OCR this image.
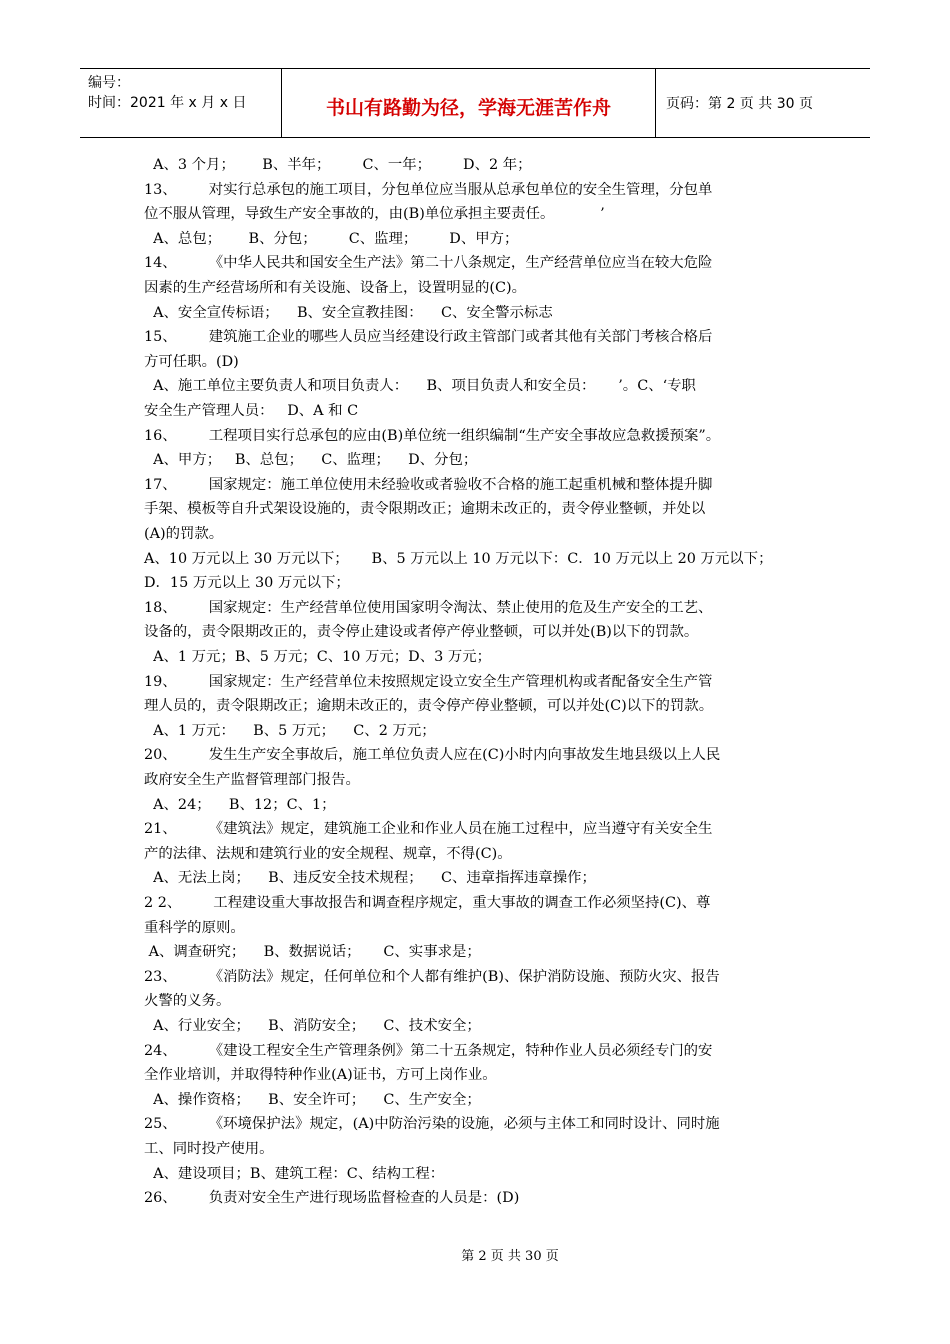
编号：
时间：2021 年 x 月 x 日	书山有路勤为径，学海无涯苦作舟	页码：第 2 页 共 30 页
A、3 个月；      B、半年；       C、一年；       D、2 年；
13、       对实行总承包的施工项目，分包单位应当服从总承包单位的安全生管理，分包单
位不服从管理，导致生产安全事故的，由(B)单位承担主要责任。          ’
A、总包；      B、分包；       C、监理；       D、甲方；
14、       《中华人民共和国安全生产法》第二十八条规定，生产经营单位应当在较大危险
因素的生产经营场所和有关设施、设备上，设置明显的(C)。
A、安全宣传标语；    B、安全宣教挂图：    C、安全警示标志
15、       建筑施工企业的哪些人员应当经建设行政主管部门或者其他有关部门考核合格后
方可任职。(D)
A、施工单位主要负责人和项目负责人：    B、项目负责人和安全员：     ’。C、‘专职
安全生产管理人员：   D、A 和 C
16、       工程项目实行总承包的应由(B)单位统一组织编制“生产安全事故应急救援预案”。
A、甲方；   B、总包；    C、监理；    D、分包；
17、       国家规定：施工单位使用未经验收或者验收不合格的施工起重机械和整体提升脚
手架、模板等自升式架设设施的，责令限期改正；逾期未改正的，责令停业整顿，并处以
(A)的罚款。
A、10 万元以上 30 万元以下；     B、5 万元以上 10 万元以下：C．10 万元以上 20 万元以下；
D．15 万元以上 30 万元以下；
18、       国家规定：生产经营单位使用国家明令淘汰、禁止使用的危及生产安全的工艺、
设备的，责令限期改正的，责令停止建设或者停产停业整顿，可以并处(B)以下的罚款。
A、1 万元；B、5 万元；C、10 万元；D、3 万元；
19、       国家规定：生产经营单位未按照规定设立安全生产管理机构或者配备安全生产管
理人员的，责令限期改正；逾期未改正的，责令停产停业整顿，可以并处(C)以下的罚款。
A、1 万元：    B、5 万元；    C、2 万元；
20、       发生生产安全事故后，施工单位负责人应在(C)小时内向事故发生地县级以上人民
政府安全生产监督管理部门报告。
A、24；    B、12；C、1；
21、       《建筑法》规定，建筑施工企业和作业人员在施工过程中，应当遵守有关安全生
产的法律、法规和建筑行业的安全规程、规章，不得(C)。
A、无法上岗；    B、违反安全技术规程；    C、违章指挥违章操作；
2 2、       工程建设重大事故报告和调查程序规定，重大事故的调查工作必须坚持(C)、尊
重科学的原则。
A、调查研究；    B、数据说话；     C、实事求是；
23、       《消防法》规定，任何单位和个人都有维护(B)、保护消防设施、预防火灾、报告
火警的义务。
A、行业安全；    B、消防安全；    C、技术安全；
24、       《建设工程安全生产管理条例》第二十五条规定，特种作业人员必须经专门的安
全作业培训，并取得特种作业(A)证书，方可上岗作业。
A、操作资格；    B、安全许可；    C、生产安全；
25、       《环境保护法》规定，(A)中防治污染的设施，必须与主体工和同时设计、同时施
工、同时投产使用。
A、建设项目；B、建筑工程：C、结构工程：
26、       负责对安全生产进行现场监督检查的人员是：(D)
第 2 页 共 30 页
